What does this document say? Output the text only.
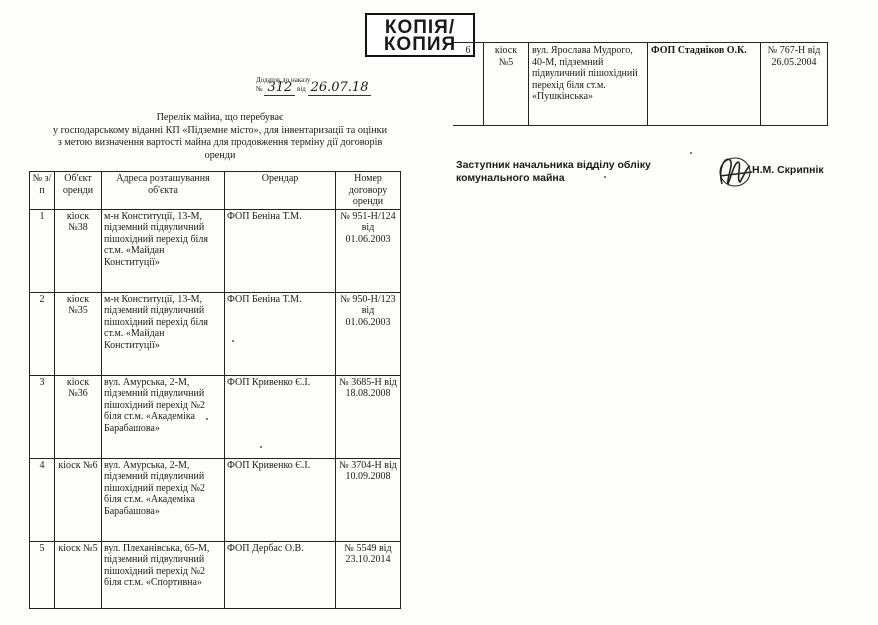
КОПІЯ/
КОПИЯ
Додаток до наказу
№ 312 від 26.07.18
Перелік майна, що перебуває
у господарському віданні КП «Підземне місто», для інвентаризації та оцінки
з метою визначення вартості майна для продовження терміну дії договорів
оренди
№ з/п	Об'єкт оренди	Адреса розташування об'єкта	Орендар	Номер договору оренди
1	кіоск №38	м-н Конституції, 13-М, підземний підвуличний пішохідний перехід біля ст.м. «Майдан Конституції»	ФОП Беніна Т.М.	№ 951-Н/124 від 01.06.2003
2	кіоск №35	м-н Конституції, 13-М, підземний підвуличний пішохідний перехід біля ст.м. «Майдан Конституції»	ФОП Беніна Т.М.	№ 950-Н/123 від 01.06.2003
3	кіоск №36	вул. Амурська, 2-М, підземний підвуличний пішохідний перехід №2 біля ст.м. «Академіка Барабашова»	ФОП Кривенко Є.І.	№ 3685-Н від 18.08.2008
4	кіоск №6	вул. Амурська, 2-М, підземний підвуличний пішохідний перехід №2 біля ст.м. «Академіка Барабашова»	ФОП Кривенко Є.І.	№ 3704-Н від 10.09.2008
5	кіоск №5	вул. Плеханівська, 65-М, підземний підвуличний пішохідний перехід №2 біля ст.м. «Спортивна»	ФОП Дербас О.В.	№ 5549 від 23.10.2014
6	кіоск №5	вул. Ярослава Мудрого, 40-М, підземний підвуличний пішохідний перехід біля ст.м. «Пушкінська»	ФОП Стадніков О.К.	№ 767-Н від 26.05.2004
Заступник начальника відділу обліку
комунального майна
Н.М. Скрипнік
